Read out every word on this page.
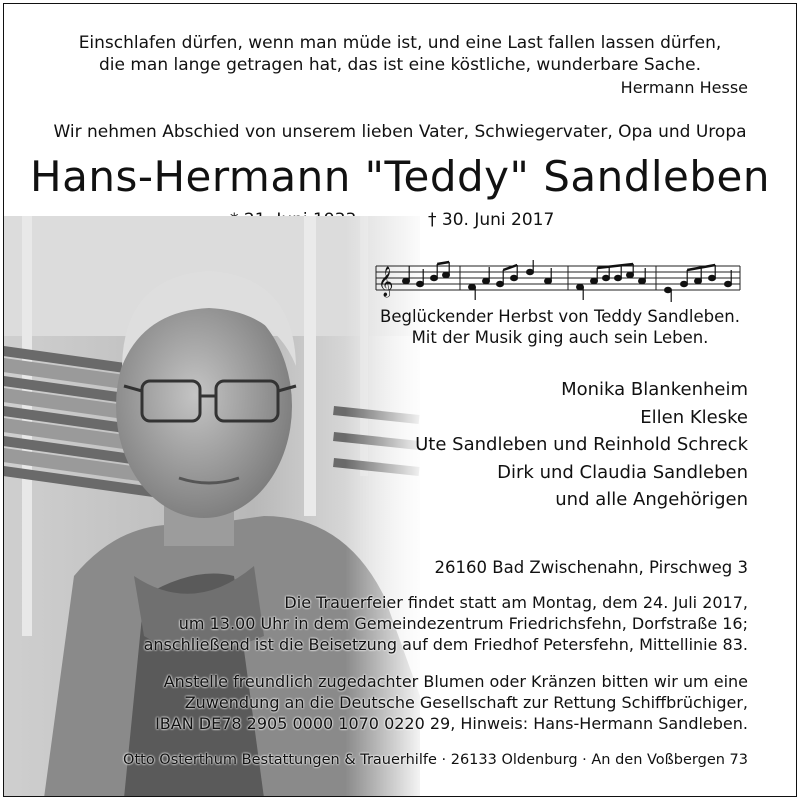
Einschlafen dürfen, wenn man müde ist, und eine Last fallen lassen dürfen,
die man lange getragen hat, das ist eine köstliche, wunderbare Sache.
Hermann Hesse
Wir nehmen Abschied von unserem lieben Vater, Schwiegervater, Opa und Uropa
Hans-Hermann "Teddy" Sandleben
† 30. Juni 2017
𝄞
Beglückender Herbst von Teddy Sandleben.
Mit der Musik ging auch sein Leben.
Monika Blankenheim
Ellen Kleske
Ute Sandleben und Reinhold Schreck
Dirk und Claudia Sandleben
und alle Angehörigen
26160 Bad Zwischenahn, Pirschweg 3
Die Trauerfeier findet statt am Montag, dem 24. Juli 2017,
um 13.00 Uhr in dem Gemeindezentrum Friedrichsfehn, Dorfstraße 16;
anschließend ist die Beisetzung auf dem Friedhof Petersfehn, Mittellinie 83.
Anstelle freundlich zugedachter Blumen oder Kränzen bitten wir um eine
Zuwendung an die Deutsche Gesellschaft zur Rettung Schiffbrüchiger,
IBAN DE78 2905 0000 1070 0220 29, Hinweis: Hans-Hermann Sandleben.
Otto Osterthum Bestattungen & Trauerhilfe · 26133 Oldenburg · An den Voßbergen 73
